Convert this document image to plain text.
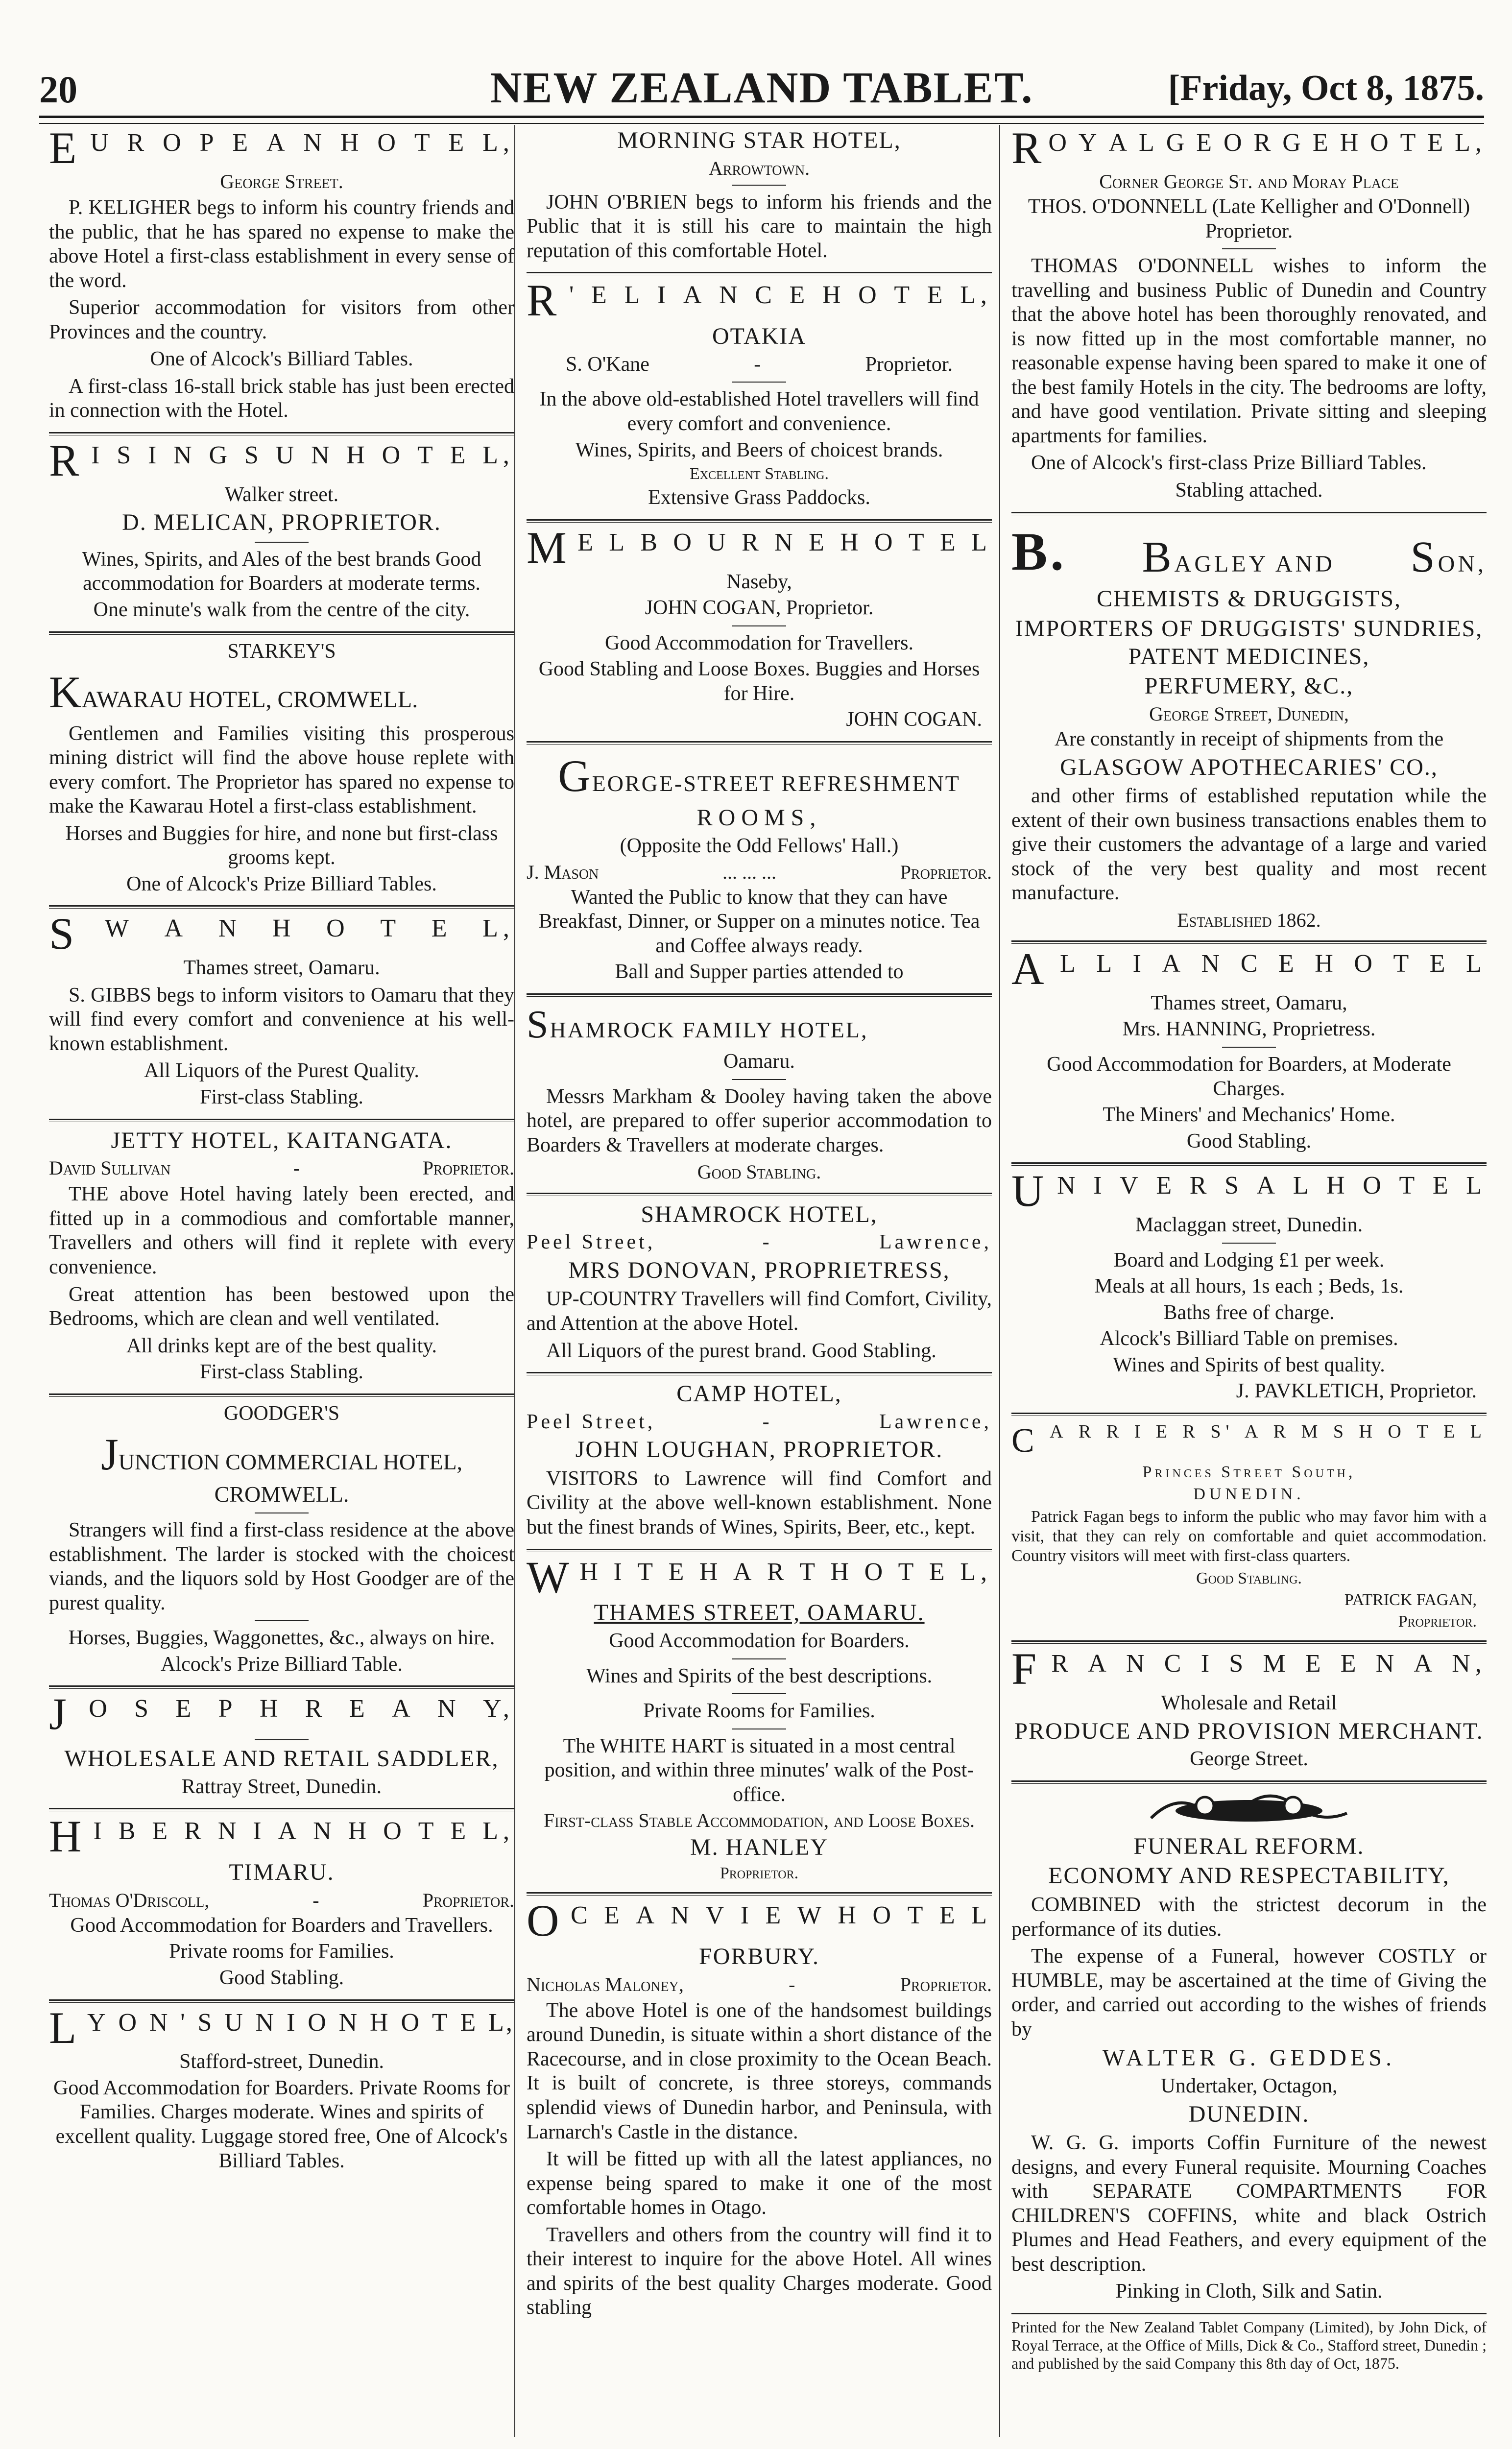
20	NEW ZEALAND TABLET.	[Friday, Oct 8, 1875.
E U R O P E A N H O T E L,
George Street.

P. KELIGHER begs to inform his country friends and the public, that he has spared no expense to make the above Hotel a first-class establishment in every sense of the word.

Superior accommodation for visitors from other Provinces and the country.

One of Alcock's Billiard Tables.

A first-class 16-stall brick stable has just been erected in connection with the Hotel.

R I S I N G S U N H O T E L,
Walker street.
D. MELICAN, PROPRIETOR.

Wines, Spirits, and Ales of the best brands Good accommodation for Boarders at moderate terms.

One minute's walk from the centre of the city.

STARKEY'S
KAWARAU HOTEL, CROMWELL.

Gentlemen and Families visiting this prosperous mining district will find the above house replete with every comfort. The Proprietor has spared no expense to make the Kawarau Hotel a first-class establishment.

Horses and Buggies for hire, and none but first-class grooms kept.

One of Alcock's Prize Billiard Tables.

S W A N H O T E L,
Thames street, Oamaru.

S. GIBBS begs to inform visitors to Oamaru that they will find every comfort and convenience at his well-known establishment.

All Liquors of the Purest Quality.

First-class Stabling.

JETTY HOTEL, KAITANGATA.
David Sullivan	-	Proprietor.

THE above Hotel having lately been erected, and fitted up in a commodious and comfortable manner, Travellers and others will find it replete with every convenience.

Great attention has been bestowed upon the Bedrooms, which are clean and well ventilated.

All drinks kept are of the best quality.

First-class Stabling.

GOODGER'S
JUNCTION COMMERCIAL HOTEL, CROMWELL.

Strangers will find a first-class residence at the above establishment. The larder is stocked with the choicest viands, and the liquors sold by Host Goodger are of the purest quality.

Horses, Buggies, Waggonettes, &c., always on hire.

Alcock's Prize Billiard Table.

J O S E P H R E A N Y,
WHOLESALE AND RETAIL SADDLER,
Rattray Street, Dunedin.
H I B E R N I A N H O T E L,
TIMARU.
Thomas O'Driscoll,	-	Proprietor.

Good Accommodation for Boarders and Travellers.

Private rooms for Families.

Good Stabling.

L Y O N ' S U N I O N H O T E L,
Stafford-street, Dunedin.

Good Accommodation for Boarders. Private Rooms for Families. Charges moderate. Wines and spirits of excellent quality. Luggage stored free, One of Alcock's Billiard Tables.

MORNING STAR HOTEL,
Arrowtown.

JOHN O'BRIEN begs to inform his friends and the Public that it is still his care to maintain the high reputation of this comfortable Hotel.

R ' E L I A N C E H O T E L,
OTAKIA
S. O'Kane	-	Proprietor.

In the above old-established Hotel travellers will find every comfort and convenience.

Wines, Spirits, and Beers of choicest brands.

Excellent Stabling.
Extensive Grass Paddocks.
M E L B O U R N E H O T E L
Naseby,
JOHN COGAN, Proprietor.

Good Accommodation for Travellers.

Good Stabling and Loose Boxes. Buggies and Horses for Hire.

JOHN COGAN.
GEORGE-STREET REFRESHMENT
ROOMS,
(Opposite the Odd Fellows' Hall.)
J. Mason	... ... ...	Proprietor.

Wanted the Public to know that they can have Breakfast, Dinner, or Supper on a minutes notice. Tea and Coffee always ready.

Ball and Supper parties attended to

SHAMROCK FAMILY HOTEL,
Oamaru.

Messrs Markham & Dooley having taken the above hotel, are prepared to offer superior accommodation to Boarders & Travellers at moderate charges.

Good Stabling.
SHAMROCK HOTEL,
Peel Street,	-	Lawrence,
MRS DONOVAN, PROPRIETRESS,

UP-COUNTRY Travellers will find Comfort, Civility, and Attention at the above Hotel.

All Liquors of the purest brand. Good Stabling.

CAMP HOTEL,
Peel Street,	-	Lawrence,
JOHN LOUGHAN, PROPRIETOR.

VISITORS to Lawrence will find Comfort and Civility at the above well-known establishment. None but the finest brands of Wines, Spirits, Beer, etc., kept.

W H I T E H A R T H O T E L,
THAMES STREET, OAMARU.

Good Accommodation for Boarders.

Wines and Spirits of the best descriptions.

Private Rooms for Families.

The WHITE HART is situated in a most central position, and within three minutes' walk of the Post-office.

First-class Stable Accommodation, and Loose Boxes.
M. HANLEY
Proprietor.
O C E A N V I E W H O T E L
FORBURY.
Nicholas Maloney,	-	Proprietor.

The above Hotel is one of the handsomest buildings around Dunedin, is situate within a short distance of the Racecourse, and in close proximity to the Ocean Beach. It is built of concrete, is three storeys, commands splendid views of Dunedin harbor, and Peninsula, with Larnarch's Castle in the distance.

It will be fitted up with all the latest appliances, no expense being spared to make it one of the most comfortable homes in Otago.

Travellers and others from the country will find it to their interest to inquire for the above Hotel. All wines and spirits of the best quality Charges moderate. Good stabling

R O Y A L G E O R G E H O T E L,
Corner George St. and Moray Place
THOS. O'DONNELL (Late Kelligher and O'Donnell) Proprietor.

THOMAS O'DONNELL wishes to inform the travelling and business Public of Dunedin and Country that the above hotel has been thoroughly renovated, and is now fitted up in the most comfortable manner, no reasonable expense having been spared to make it one of the best family Hotels in the city. The bedrooms are lofty, and have good ventilation. Private sitting and sleeping apartments for families.

One of Alcock's first-class Prize Billiard Tables.

Stabling attached.
B. BAGLEY AND SON,
CHEMISTS & DRUGGISTS,
IMPORTERS OF DRUGGISTS' SUNDRIES, PATENT MEDICINES,
PERFUMERY, &C.,
George Street, Dunedin,
Are constantly in receipt of shipments from the
GLASGOW APOTHECARIES' CO.,

and other firms of established reputation while the extent of their own business transactions enables them to give their customers the advantage of a large and varied stock of the very best quality and most recent manufacture.

Established 1862.
A L L I A N C E H O T E L
Thames street, Oamaru,
Mrs. HANNING, Proprietress.

Good Accommodation for Boarders, at Moderate Charges.

The Miners' and Mechanics' Home.

Good Stabling.

U N I V E R S A L H O T E L
Maclaggan street, Dunedin.
Board and Lodging £1 per week.
Meals at all hours, 1s each ; Beds, 1s.
Baths free of charge.
Alcock's Billiard Table on premises.
Wines and Spirits of best quality.
J. PAVKLETICH, Proprietor.
C A R R I E R S' A R M S H O T E L
Princes Street South,
DUNEDIN.

Patrick Fagan begs to inform the public who may favor him with a visit, that they can rely on comfortable and quiet accommodation. Country visitors will meet with first-class quarters.

Good Stabling.
PATRICK FAGAN,
Proprietor.
F R A N C I S M E E N A N,
Wholesale and Retail
PRODUCE AND PROVISION MERCHANT.
George Street.
FUNERAL REFORM.
ECONOMY AND RESPECTABILITY,

COMBINED with the strictest decorum in the performance of its duties.

The expense of a Funeral, however COSTLY or HUMBLE, may be ascertained at the time of Giving the order, and carried out according to the wishes of friends by

WALTER G. GEDDES.
Undertaker, Octagon,
DUNEDIN.

W. G. G. imports Coffin Furniture of the newest designs, and every Funeral requisite. Mourning Coaches with SEPARATE COMPARTMENTS FOR CHILDREN'S COFFINS, white and black Ostrich Plumes and Head Feathers, and every equipment of the best description.

Pinking in Cloth, Silk and Satin.
Printed for the New Zealand Tablet Company (Limited), by John Dick, of Royal Terrace, at the Office of Mills, Dick & Co., Stafford street, Dunedin ; and published by the said Company this 8th day of Oct, 1875.
